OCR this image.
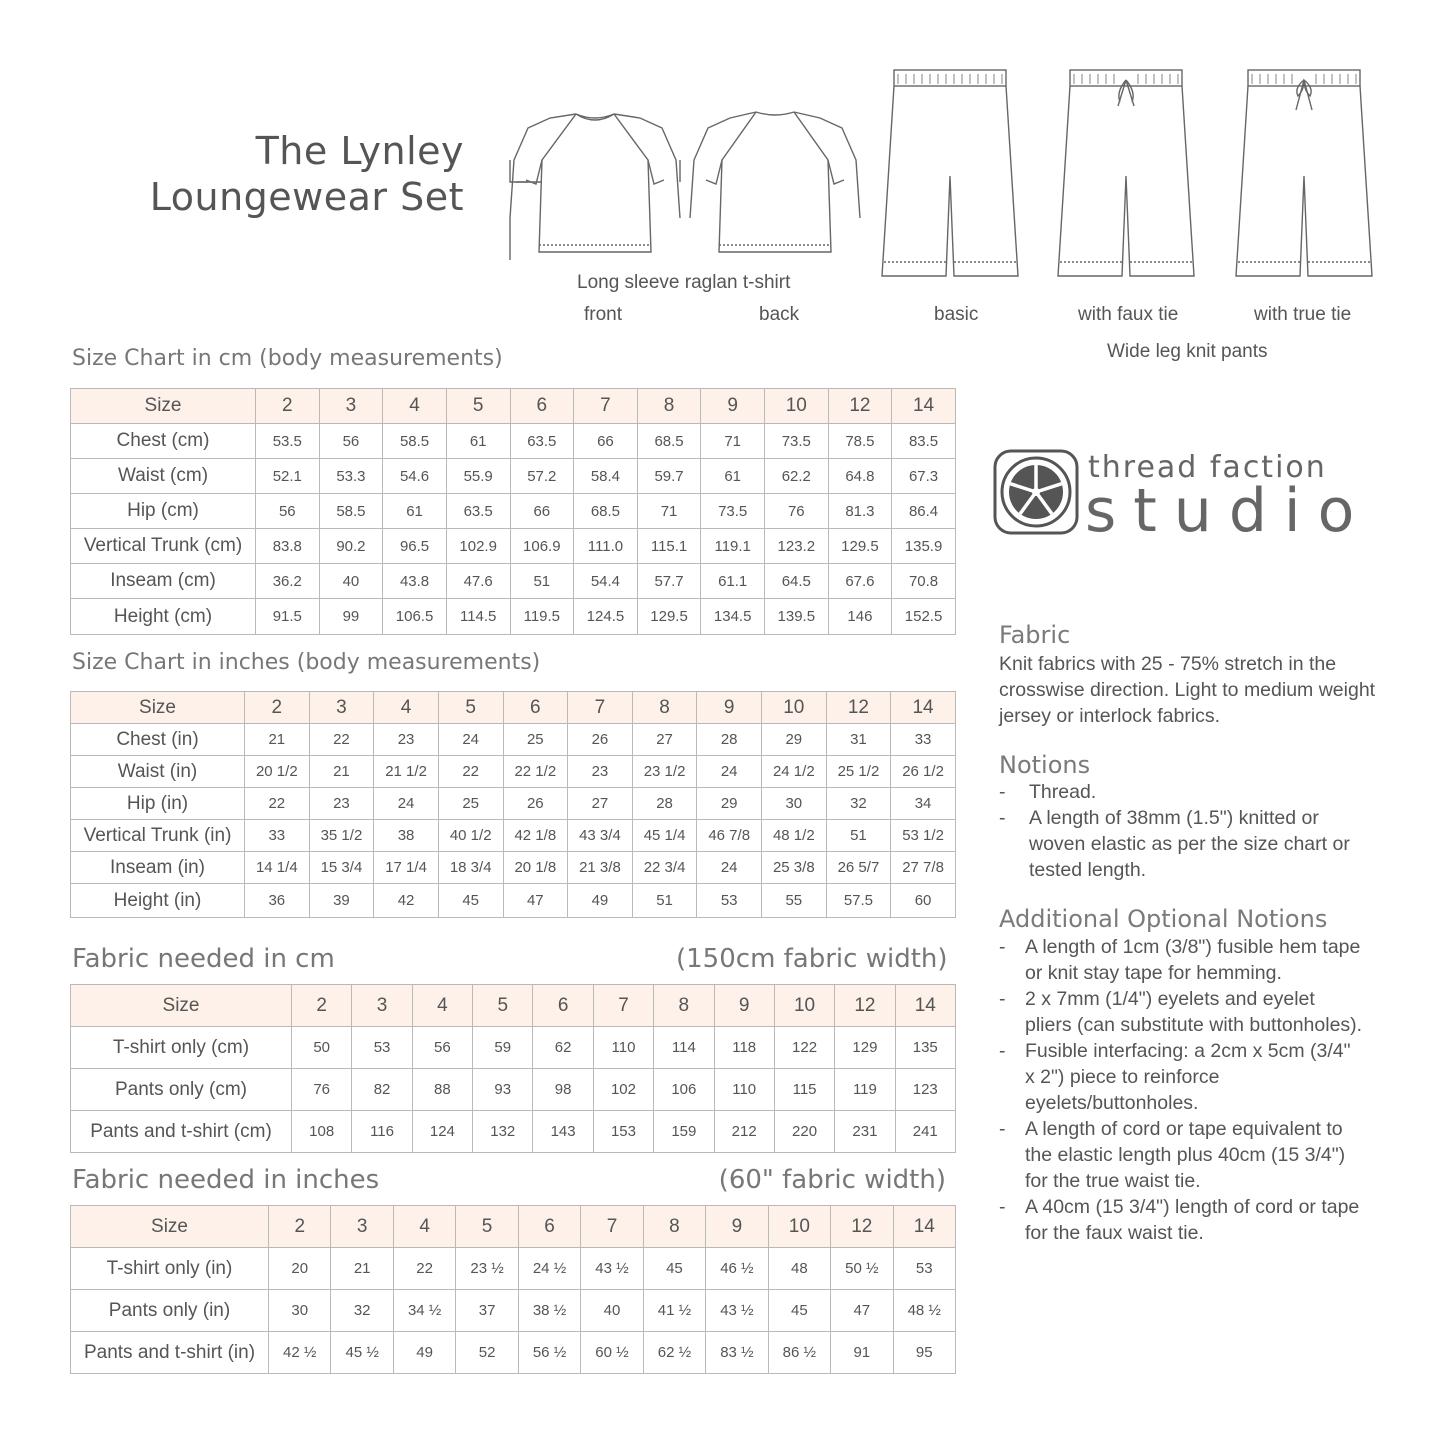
The Lynley
Loungewear Set
Long sleeve raglan t-shirt
front	back	basic	with faux tie	with true tie
Wide leg knit pants
Size Chart in cm (body measurements)
Size Chart in inches (body measurements)
Fabric needed in cm	(150cm fabric width)
Fabric needed in inches	(60" fabric width)
Size	2	3	4	5	6	7	8	9	10	12	14
Chest (cm)	53.5	56	58.5	61	63.5	66	68.5	71	73.5	78.5	83.5
Waist (cm)	52.1	53.3	54.6	55.9	57.2	58.4	59.7	61	62.2	64.8	67.3
Hip (cm)	56	58.5	61	63.5	66	68.5	71	73.5	76	81.3	86.4
Vertical Trunk (cm)	83.8	90.2	96.5	102.9	106.9	111.0	115.1	119.1	123.2	129.5	135.9
Inseam (cm)	36.2	40	43.8	47.6	51	54.4	57.7	61.1	64.5	67.6	70.8
Height (cm)	91.5	99	106.5	114.5	119.5	124.5	129.5	134.5	139.5	146	152.5
Size	2	3	4	5	6	7	8	9	10	12	14
Chest (in)	21	22	23	24	25	26	27	28	29	31	33
Waist (in)	20 1/2	21	21 1/2	22	22 1/2	23	23 1/2	24	24 1/2	25 1/2	26 1/2
Hip (in)	22	23	24	25	26	27	28	29	30	32	34
Vertical Trunk (in)	33	35 1/2	38	40 1/2	42 1/8	43 3/4	45 1/4	46 7/8	48 1/2	51	53 1/2
Inseam (in)	14 1/4	15 3/4	17 1/4	18 3/4	20 1/8	21 3/8	22 3/4	24	25 3/8	26 5/7	27 7/8
Height (in)	36	39	42	45	47	49	51	53	55	57.5	60
Size	2	3	4	5	6	7	8	9	10	12	14
T-shirt only (cm)	50	53	56	59	62	110	114	118	122	129	135
Pants only (cm)	76	82	88	93	98	102	106	110	115	119	123
Pants and t-shirt (cm)	108	116	124	132	143	153	159	212	220	231	241
Size	2	3	4	5	6	7	8	9	10	12	14
T-shirt only (in)	20	21	22	23 ½	24 ½	43 ½	45	46 ½	48	50 ½	53
Pants only (in)	30	32	34 ½	37	38 ½	40	41 ½	43 ½	45	47	48 ½
Pants and t-shirt (in)	42 ½	45 ½	49	52	56 ½	60 ½	62 ½	83 ½	86 ½	91	95
thread faction
studio
Fabric
Knit fabrics with 25 - 75% stretch in the crosswise direction. Light to medium weight jersey or interlock fabrics.
Notions
- Thread.
- A length of 38mm (1.5") knitted or woven elastic as per the size chart or tested length.
Additional Optional Notions
- A length of 1cm (3/8") fusible hem tape or knit stay tape for hemming.
- 2 x 7mm (1/4") eyelets and eyelet pliers (can substitute with buttonholes).
- Fusible interfacing: a 2cm x 5cm (3/4" x 2") piece to reinforce eyelets/buttonholes.
- A length of cord or tape equivalent to the elastic length plus 40cm (15 3/4") for the true waist tie.
- A 40cm (15 3/4") length of cord or tape for the faux waist tie.
